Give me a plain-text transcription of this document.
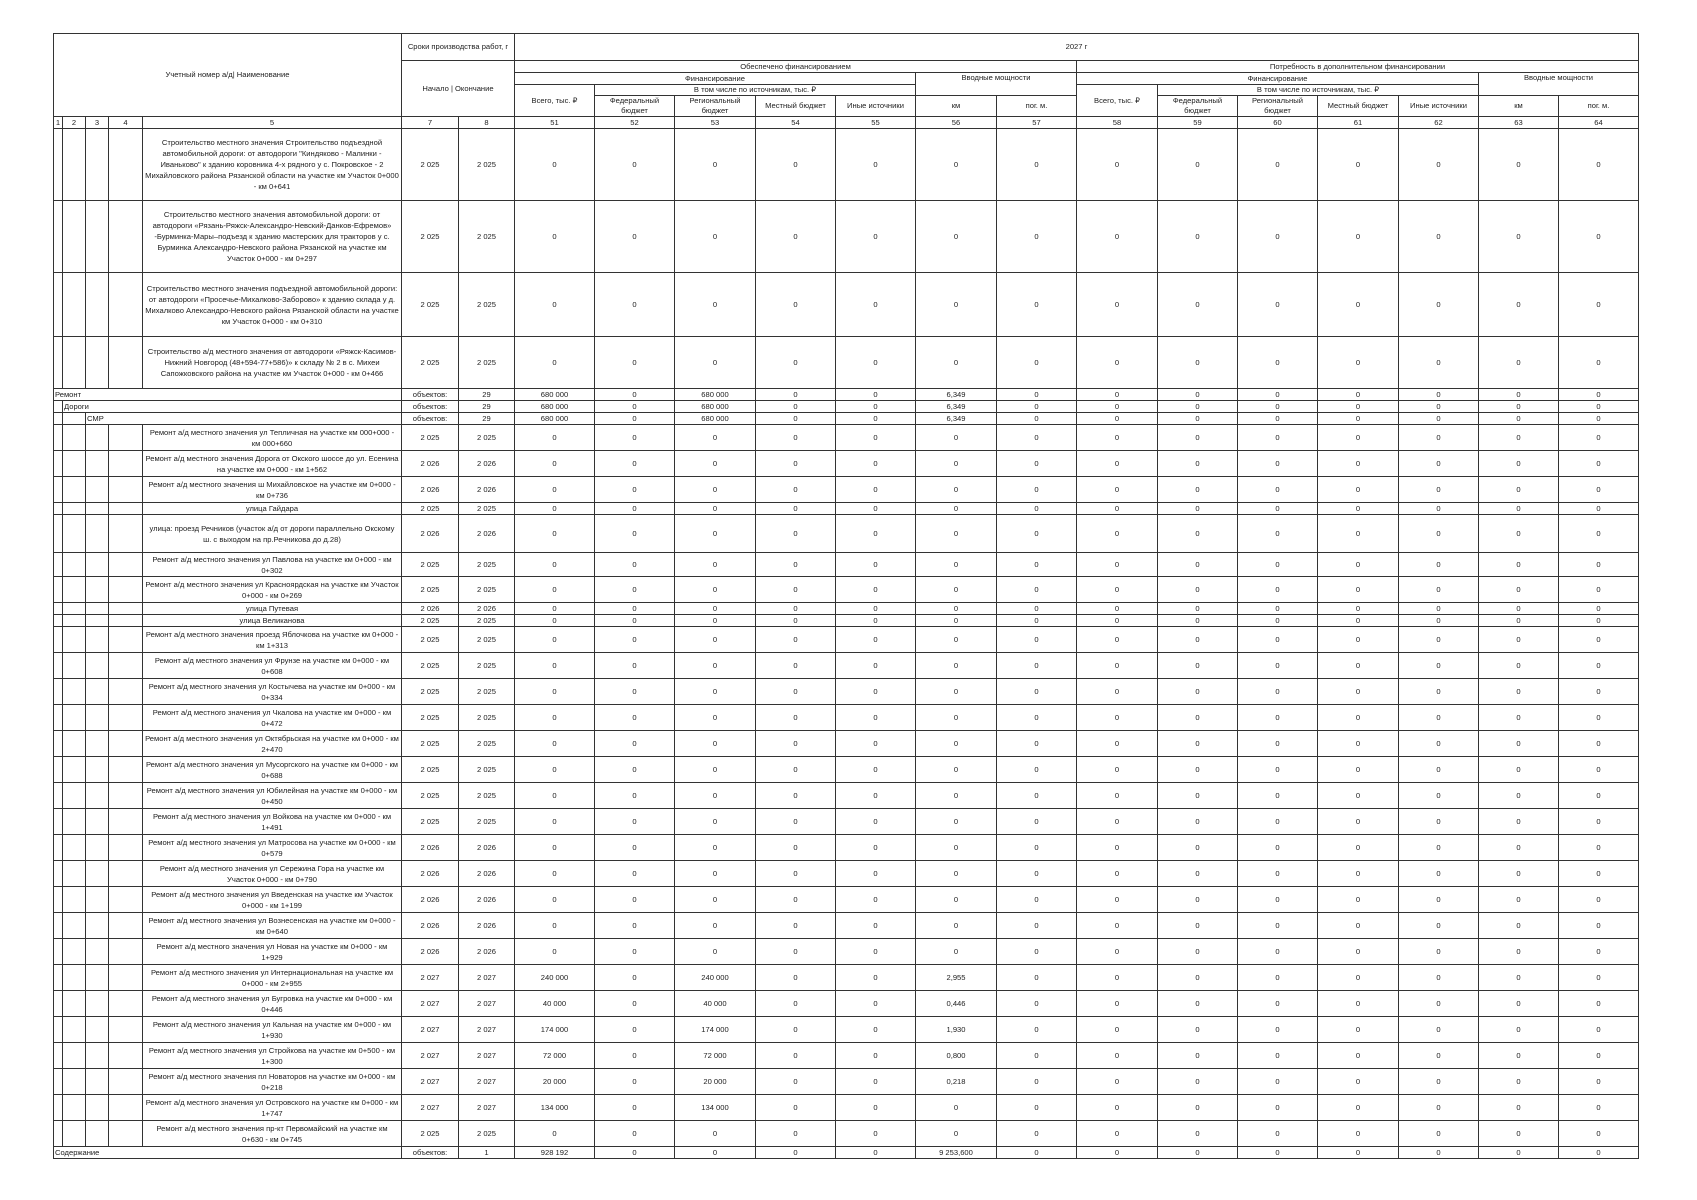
Учетный номер а/д| Наименование					Сроки производства работ, г		2027 г													
					Начало | Окончание		Обеспечено финансированием							Потребность в дополнительном финансировании						
							Финансирование					Вводные мощности		Финансирование					Вводные мощности	
							Всего, тыс. ₽	В том числе по источникам, тыс. ₽						Всего, тыс. ₽	В том числе по источникам, тыс. ₽					
								Федеральный бюджет	Региональный бюджет	Местный бюджет	Иные источники	км	пог. м.		Федеральный бюджет	Региональный бюджет	Местный бюджет	Иные источники	км	пог. м.
1	2	3	4	5	7	8	51	52	53	54	55	56	57	58	59	60	61	62	63	64
				Строительство местного значения Строительство подъездной автомобильной дороги: от автодороги "Киндяково - Малинки - Иваньково" к зданию коровника 4-х рядного у с. Покровское - 2 Михайловского района Рязанской области на участке км Участок 0+000 - км 0+641	2 025	2 025	0	0	0	0	0	0	0	0	0	0	0	0	0	0
				Строительство местного значения автомобильной дороги: от автодороги «Рязань-Ряжск-Александро-Невский-Данков-Ефремов» -Бурминка-Мары–подъезд к зданию мастерских для тракторов у с. Бурминка Александро-Невского района Рязанской на участке км Участок 0+000 - км 0+297	2 025	2 025	0	0	0	0	0	0	0	0	0	0	0	0	0	0
				Строительство местного значения подъездной автомобильной дороги: от автодороги «Просечье-Михалково-Заборово» к зданию склада у д. Михалково Александро-Невского района Рязанской области на участке км Участок 0+000 - км 0+310	2 025	2 025	0	0	0	0	0	0	0	0	0	0	0	0	0	0
				Строительство а/д местного значения от автодороги «Ряжск-Касимов-Нижний Новгород (48+594-77+586)» к складу № 2 в с. Михеи Сапожковского района на участке км Участок 0+000 - км 0+466	2 025	2 025	0	0	0	0	0	0	0	0	0	0	0	0	0	0
Ремонт					объектов:	29	680 000	0	680 000	0	0	6,349	0	0	0	0	0	0	0	0
	Дороги				объектов:	29	680 000	0	680 000	0	0	6,349	0	0	0	0	0	0	0	0
		СМР			объектов:	29	680 000	0	680 000	0	0	6,349	0	0	0	0	0	0	0	0
				Ремонт а/д местного значения ул Тепличная на участке км 000+000 - км 000+660	2 025	2 025	0	0	0	0	0	0	0	0	0	0	0	0	0	0
				Ремонт а/д местного значения Дорога от Окского шоссе до ул. Есенина на участке км 0+000 - км 1+562	2 026	2 026	0	0	0	0	0	0	0	0	0	0	0	0	0	0
				Ремонт а/д местного значения ш Михайловское на участке км 0+000 - км 0+736	2 026	2 026	0	0	0	0	0	0	0	0	0	0	0	0	0	0
				улица Гайдара	2 025	2 025	0	0	0	0	0	0	0	0	0	0	0	0	0	0
				улица: проезд Речников (участок а/д от дороги параллельно Окскому ш. с выходом на пр.Речникова до д.28)	2 026	2 026	0	0	0	0	0	0	0	0	0	0	0	0	0	0
				Ремонт а/д местного значения ул Павлова на участке км 0+000 - км 0+302	2 025	2 025	0	0	0	0	0	0	0	0	0	0	0	0	0	0
				Ремонт а/д местного значения ул Красноярдская на участке км Участок 0+000 - км 0+269	2 025	2 025	0	0	0	0	0	0	0	0	0	0	0	0	0	0
				улица Путевая	2 026	2 026	0	0	0	0	0	0	0	0	0	0	0	0	0	0
				улица Великанова	2 025	2 025	0	0	0	0	0	0	0	0	0	0	0	0	0	0
				Ремонт а/д местного значения проезд Яблочкова на участке км 0+000 - км 1+313	2 025	2 025	0	0	0	0	0	0	0	0	0	0	0	0	0	0
				Ремонт а/д местного значения ул Фрунзе на участке км 0+000 - км 0+608	2 025	2 025	0	0	0	0	0	0	0	0	0	0	0	0	0	0
				Ремонт а/д местного значения ул Костычева на участке км 0+000 - км 0+334	2 025	2 025	0	0	0	0	0	0	0	0	0	0	0	0	0	0
				Ремонт а/д местного значения ул Чкалова на участке км 0+000 - км 0+472	2 025	2 025	0	0	0	0	0	0	0	0	0	0	0	0	0	0
				Ремонт а/д местного значения ул Октябрьская на участке км 0+000 - км 2+470	2 025	2 025	0	0	0	0	0	0	0	0	0	0	0	0	0	0
				Ремонт а/д местного значения ул Мусоргского на участке км 0+000 - км 0+688	2 025	2 025	0	0	0	0	0	0	0	0	0	0	0	0	0	0
				Ремонт а/д местного значения ул Юбилейная на участке км 0+000 - км 0+450	2 025	2 025	0	0	0	0	0	0	0	0	0	0	0	0	0	0
				Ремонт а/д местного значения ул Войкова на участке км 0+000 - км 1+491	2 025	2 025	0	0	0	0	0	0	0	0	0	0	0	0	0	0
				Ремонт а/д местного значения ул Матросова на участке км 0+000 - км 0+579	2 026	2 026	0	0	0	0	0	0	0	0	0	0	0	0	0	0
				Ремонт а/д местного значения ул Сережина Гора на участке км Участок 0+000 - км 0+790	2 026	2 026	0	0	0	0	0	0	0	0	0	0	0	0	0	0
				Ремонт а/д местного значения ул Введенская на участке км Участок 0+000 - км 1+199	2 026	2 026	0	0	0	0	0	0	0	0	0	0	0	0	0	0
				Ремонт а/д местного значения ул Вознесенская на участке км 0+000 - км 0+640	2 026	2 026	0	0	0	0	0	0	0	0	0	0	0	0	0	0
				Ремонт а/д местного значения ул Новая на участке км 0+000 - км 1+929	2 026	2 026	0	0	0	0	0	0	0	0	0	0	0	0	0	0
				Ремонт а/д местного значения ул Интернациональная на участке км 0+000 - км 2+955	2 027	2 027	240 000	0	240 000	0	0	2,955	0	0	0	0	0	0	0	0
				Ремонт а/д местного значения ул Бугровка на участке км 0+000 - км 0+446	2 027	2 027	40 000	0	40 000	0	0	0,446	0	0	0	0	0	0	0	0
				Ремонт а/д местного значения ул Кальная на участке км 0+000 - км 1+930	2 027	2 027	174 000	0	174 000	0	0	1,930	0	0	0	0	0	0	0	0
				Ремонт а/д местного значения ул Стройкова на участке км 0+500 - км 1+300	2 027	2 027	72 000	0	72 000	0	0	0,800	0	0	0	0	0	0	0	0
				Ремонт а/д местного значения пл Новаторов на участке км 0+000 - км 0+218	2 027	2 027	20 000	0	20 000	0	0	0,218	0	0	0	0	0	0	0	0
				Ремонт а/д местного значения ул Островского на участке км 0+000 - км 1+747	2 027	2 027	134 000	0	134 000	0	0	0	0	0	0	0	0	0	0	0
				Ремонт а/д местного значения пр-кт Первомайский на участке км 0+630 - км 0+745	2 025	2 025	0	0	0	0	0	0	0	0	0	0	0	0	0	0
Содержание					объектов:	1	928 192	0	0	0	0	9 253,600	0	0	0	0	0	0	0	0
